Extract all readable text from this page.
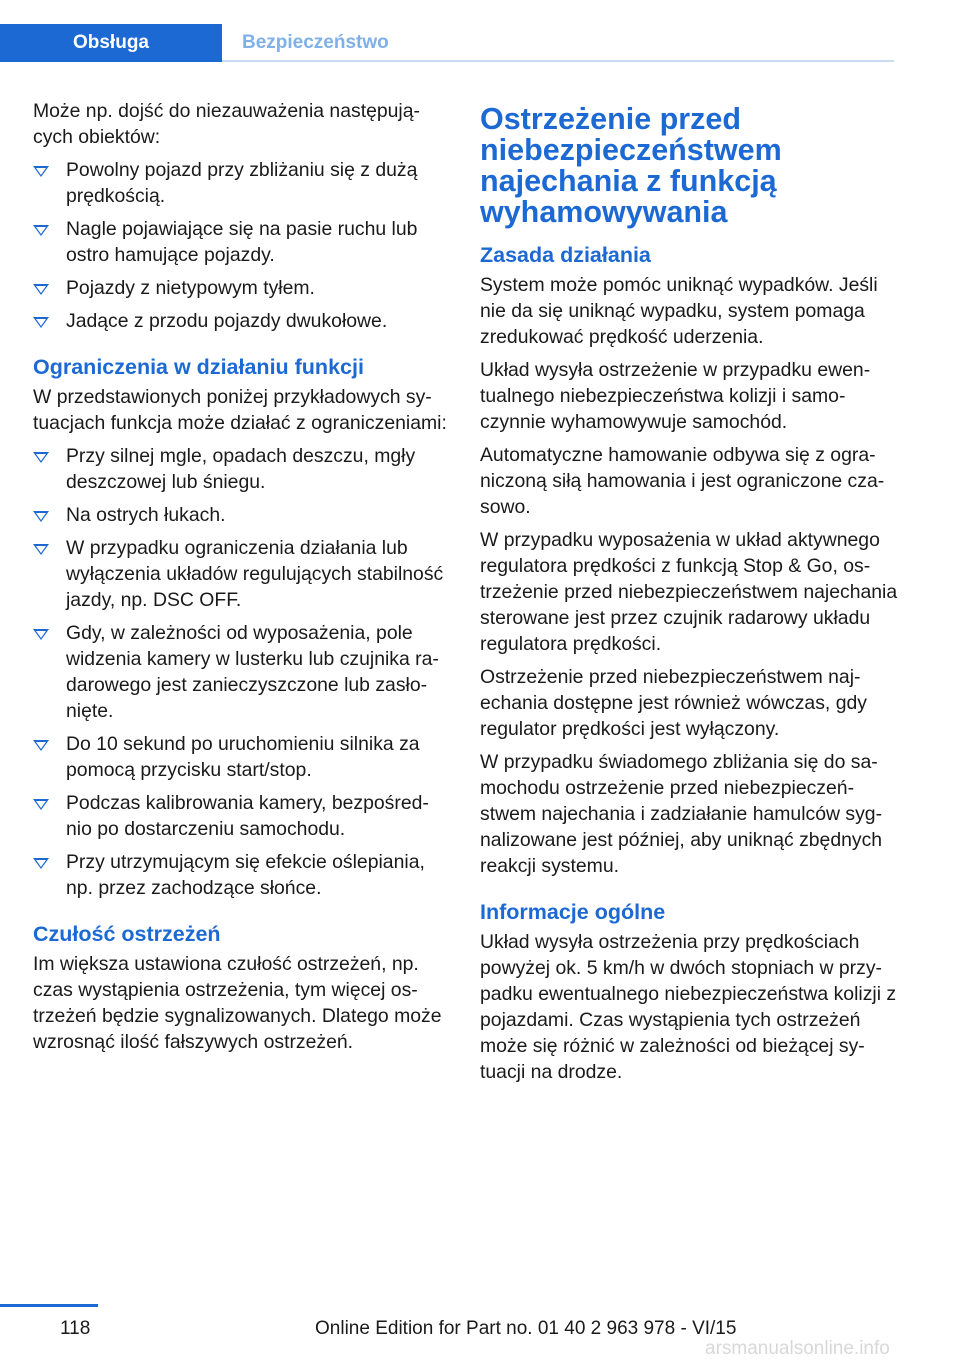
Obsługa	Bezpieczeństwo

Może np. dojść do niezauważenia następujących obiektów:

Powolny pojazd przy zbliżaniu się z dużą prędkością.
Nagle pojawiające się na pasie ruchu lub ostro hamujące pojazdy.
Pojazdy z nietypowym tyłem.
Jadące z przodu pojazdy dwukołowe.
Ograniczenia w działaniu funkcji

W przedstawionych poniżej przykładowych sytuacjach funkcja może działać z ograniczeniami:

Przy silnej mgle, opadach deszczu, mgły deszczowej lub śniegu.
Na ostrych łukach.
W przypadku ograniczenia działania lub wyłączenia układów regulujących stabilność jazdy, np. DSC OFF.
Gdy, w zależności od wyposażenia, pole widzenia kamery w lusterku lub czujnika radarowego jest zanieczyszczone lub zasłonięte.
Do 10 sekund po uruchomieniu silnika za pomocą przycisku start/stop.
Podczas kalibrowania kamery, bezpośrednio po dostarczeniu samochodu.
Przy utrzymującym się efekcie oślepiania, np. przez zachodzące słońce.
Czułość ostrzeżeń

Im większa ustawiona czułość ostrzeżeń, np. czas wystąpienia ostrzeżenia, tym więcej ostrzeżeń będzie sygnalizowanych. Dlatego może wzrosnąć ilość fałszywych ostrzeżeń.

Ostrzeżenie przed niebezpieczeństwem najechania z funkcją wyhamowywania
Zasada działania

System może pomóc uniknąć wypadków. Jeśli nie da się uniknąć wypadku, system pomaga zredukować prędkość uderzenia.

Układ wysyła ostrzeżenie w przypadku ewentualnego niebezpieczeństwa kolizji i samoczynnie wyhamowywuje samochód.

Automatyczne hamowanie odbywa się z ograniczoną siłą hamowania i jest ograniczone czasowo.

W przypadku wyposażenia w układ aktywnego regulatora prędkości z funkcją Stop & Go, ostrzeżenie przed niebezpieczeństwem najechania sterowane jest przez czujnik radarowy układu regulatora prędkości.

Ostrzeżenie przed niebezpieczeństwem najechania dostępne jest również wówczas, gdy regulator prędkości jest wyłączony.

W przypadku świadomego zbliżania się do samochodu ostrzeżenie przed niebezpieczeństwem najechania i zadziałanie hamulców sygnalizowane jest później, aby uniknąć zbędnych reakcji systemu.

Informacje ogólne

Układ wysyła ostrzeżenia przy prędkościach powyżej ok. 5 km/h w dwóch stopniach w przypadku ewentualnego niebezpieczeństwa kolizji z pojazdami. Czas wystąpienia tych ostrzeżeń może się różnić w zależności od bieżącej sytuacji na drodze.

118	Online Edition for Part no. 01 40 2 963 978 - VI/15
arsmanualsonline.info
